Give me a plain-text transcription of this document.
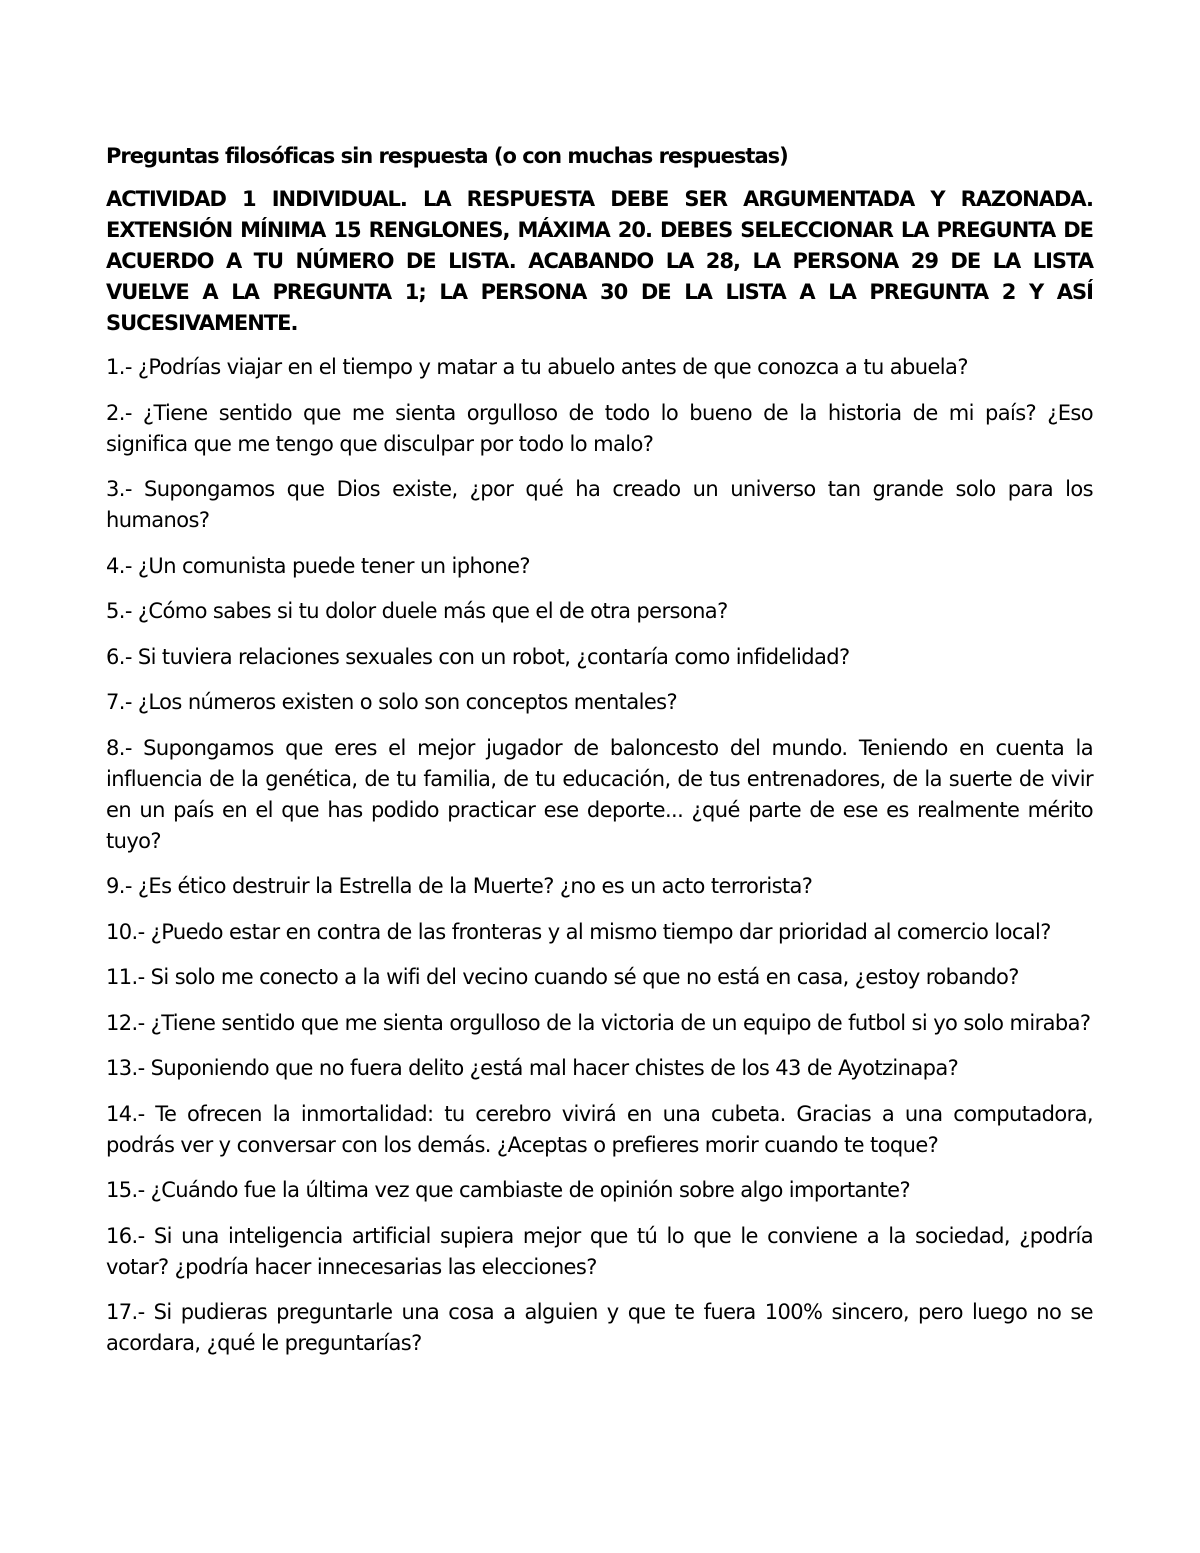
Preguntas filosóficas sin respuesta (o con muchas respuestas)

ACTIVIDAD 1 INDIVIDUAL. LA RESPUESTA DEBE SER ARGUMENTADA Y RAZONADA. EXTENSIÓN MÍNIMA 15 RENGLONES, MÁXIMA 20. DEBES SELECCIONAR LA PREGUNTA DE ACUERDO A TU NÚMERO DE LISTA. ACABANDO LA 28, LA PERSONA 29 DE LA LISTA VUELVE A LA PREGUNTA 1; LA PERSONA 30 DE LA LISTA A LA PREGUNTA 2 Y ASÍ SUCESIVAMENTE.

1.- ¿Podrías viajar en el tiempo y matar a tu abuelo antes de que conozca a tu abuela?
2.- ¿Tiene sentido que me sienta orgulloso de todo lo bueno de la historia de mi país? ¿Eso significa que me tengo que disculpar por todo lo malo?
3.- Supongamos que Dios existe, ¿por qué ha creado un universo tan grande solo para los humanos?
4.- ¿Un comunista puede tener un iphone?
5.- ¿Cómo sabes si tu dolor duele más que el de otra persona?
6.- Si tuviera relaciones sexuales con un robot, ¿contaría como infidelidad?
7.- ¿Los números existen o solo son conceptos mentales?
8.- Supongamos que eres el mejor jugador de baloncesto del mundo. Teniendo en cuenta la influencia de la genética, de tu familia, de tu educación, de tus entrenadores, de la suerte de vivir en un país en el que has podido practicar ese deporte... ¿qué parte de ese es realmente mérito tuyo?
9.- ¿Es ético destruir la Estrella de la Muerte? ¿no es un acto terrorista?
10.- ¿Puedo estar en contra de las fronteras y al mismo tiempo dar prioridad al comercio local?
11.- Si solo me conecto a la wifi del vecino cuando sé que no está en casa, ¿estoy robando?
12.- ¿Tiene sentido que me sienta orgulloso de la victoria de un equipo de futbol si yo solo miraba?
13.- Suponiendo que no fuera delito ¿está mal hacer chistes de los 43 de Ayotzinapa?
14.- Te ofrecen la inmortalidad: tu cerebro vivirá en una cubeta. Gracias a una computadora, podrás ver y conversar con los demás. ¿Aceptas o prefieres morir cuando te toque?
15.- ¿Cuándo fue la última vez que cambiaste de opinión sobre algo importante?
16.- Si una inteligencia artificial supiera mejor que tú lo que le conviene a la sociedad, ¿podría votar? ¿podría hacer innecesarias las elecciones?
17.- Si pudieras preguntarle una cosa a alguien y que te fuera 100% sincero, pero luego no se acordara, ¿qué le preguntarías?
